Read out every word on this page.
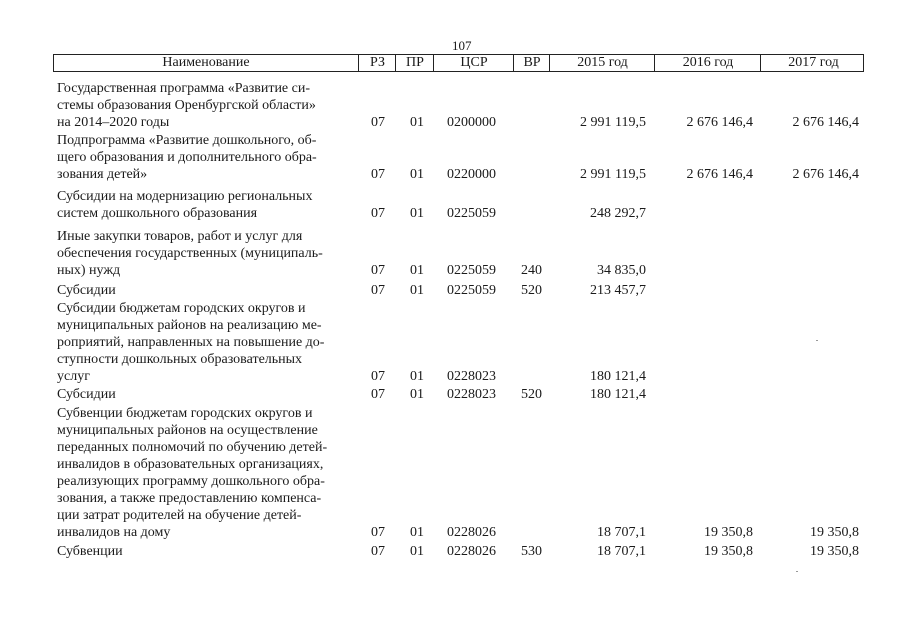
107
Наименование	РЗ	ПР	ЦСР	ВР	2015 год	2016 год	2017 год
Государственная программа «Развитие си-
стемы образования Оренбургской области»
на 2014–2020 годы	07 01 0200000	2 991 119,5	2 676 146,4	2 676 146,4
Подпрограмма «Развитие дошкольного, об-
щего образования и дополнительного обра-
зования детей»	07 01 0220000	2 991 119,5	2 676 146,4	2 676 146,4
Субсидии на модернизацию региональных
систем дошкольного образования	07 01 0225059	248 292,7
Иные закупки товаров, работ и услуг для
обеспечения государственных (муниципаль-
ных) нужд	07 01 0225059 240	34 835,0
Субсидии	07 01 0225059 520	213 457,7
Субсидии бюджетам городских округов и
муниципальных районов на реализацию ме-
роприятий, направленных на повышение до-
ступности дошкольных образовательных
услуг	07 01 0228023	180 121,4
Субсидии	07 01 0228023 520	180 121,4
Субвенции бюджетам городских округов и
муниципальных районов на осуществление
переданных полномочий по обучению детей-
инвалидов в образовательных организациях,
реализующих программу дошкольного обра-
зования, а также предоставлению компенса-
ции затрат родителей на обучение детей-
инвалидов на дому	07 01 0228026	18 707,1	19 350,8	19 350,8
Субвенции	07 01 0228026 530	18 707,1	19 350,8	19 350,8
